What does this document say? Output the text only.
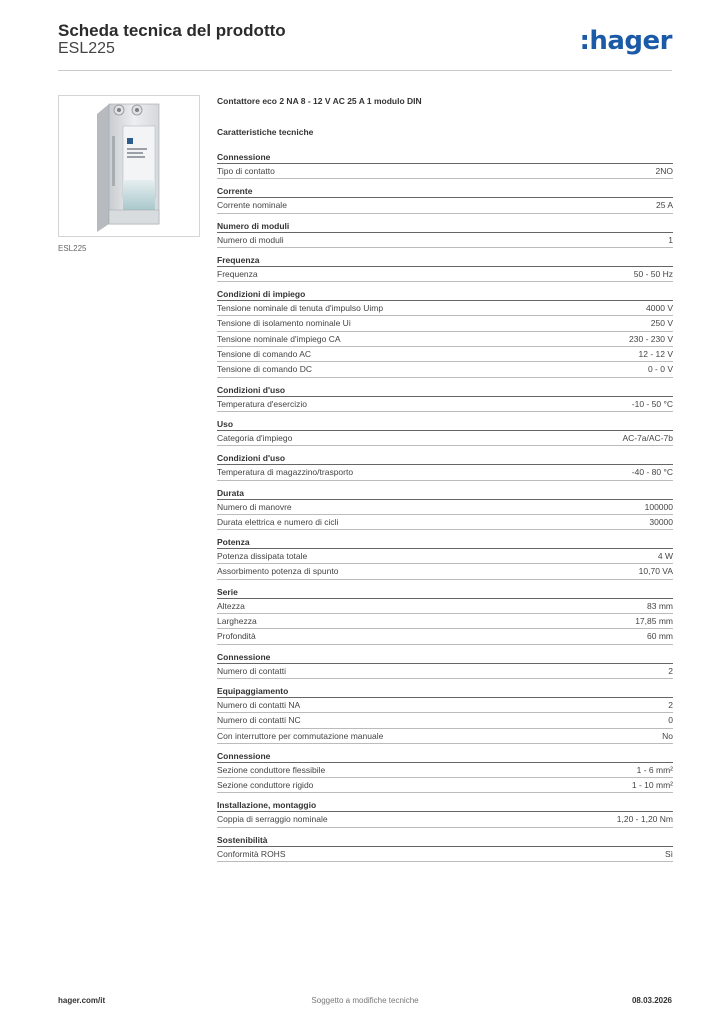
Scheda tecnica del prodotto
ESL225	:hager
ESL225
Contattore eco 2 NA 8 - 12 V AC 25 A 1 modulo DIN
Caratteristiche tecniche
Connessione
Tipo di contatto	2NO
Corrente
Corrente nominale	25 A
Numero di moduli
Numero di moduli	1
Frequenza
Frequenza	50 - 50 Hz
Condizioni di impiego
Tensione nominale di tenuta d'impulso Uimp	4000 V
Tensione di isolamento nominale Ui	250 V
Tensione nominale d'impiego CA	230 - 230 V
Tensione di comando AC	12 - 12 V
Tensione di comando DC	0 - 0 V
Condizioni d'uso
Temperatura d'esercizio	-10 - 50 °C
Uso
Categoria d'impiego	AC-7a/AC-7b
Condizioni d'uso
Temperatura di magazzino/trasporto	-40 - 80 °C
Durata
Numero di manovre	100000
Durata elettrica e numero di cicli	30000
Potenza
Potenza dissipata totale	4 W
Assorbimento potenza di spunto	10,70 VA
Serie
Altezza	83 mm
Larghezza	17,85 mm
Profondità	60 mm
Connessione
Numero di contatti	2
Equipaggiamento
Numero di contatti NA	2
Numero di contatti NC	0
Con interruttore per commutazione manuale	No
Connessione
Sezione conduttore flessibile	1 - 6 mm²
Sezione conduttore rigido	1 - 10 mm²
Installazione, montaggio
Coppia di serraggio nominale	1,20 - 1,20 Nm
Sostenibilità
Conformità ROHS	Sì
hager.com/it	Soggetto a modifiche tecniche	08.03.2026
